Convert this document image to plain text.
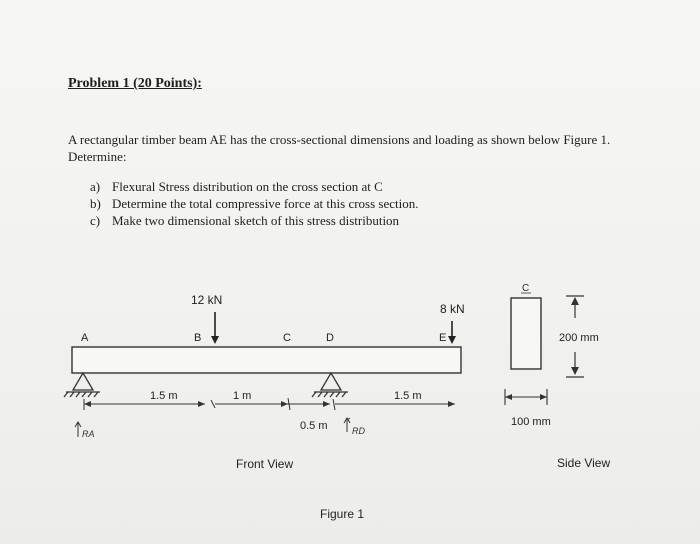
Problem 1 (20 Points):
A rectangular timber beam AE has the cross-sectional dimensions and loading as shown below Figure 1. Determine:
a) Flexural Stress distribution on the cross section at C
b) Determine the total compressive force at this cross section.
c) Make two dimensional sketch of this stress distribution
12 kN
B
8 kN
E
A	C	D
1.5 m	1 m
0.5 m
1.5 m
RA	RD
C
200 mm
100 mm
Front View	Side View
Figure 1
